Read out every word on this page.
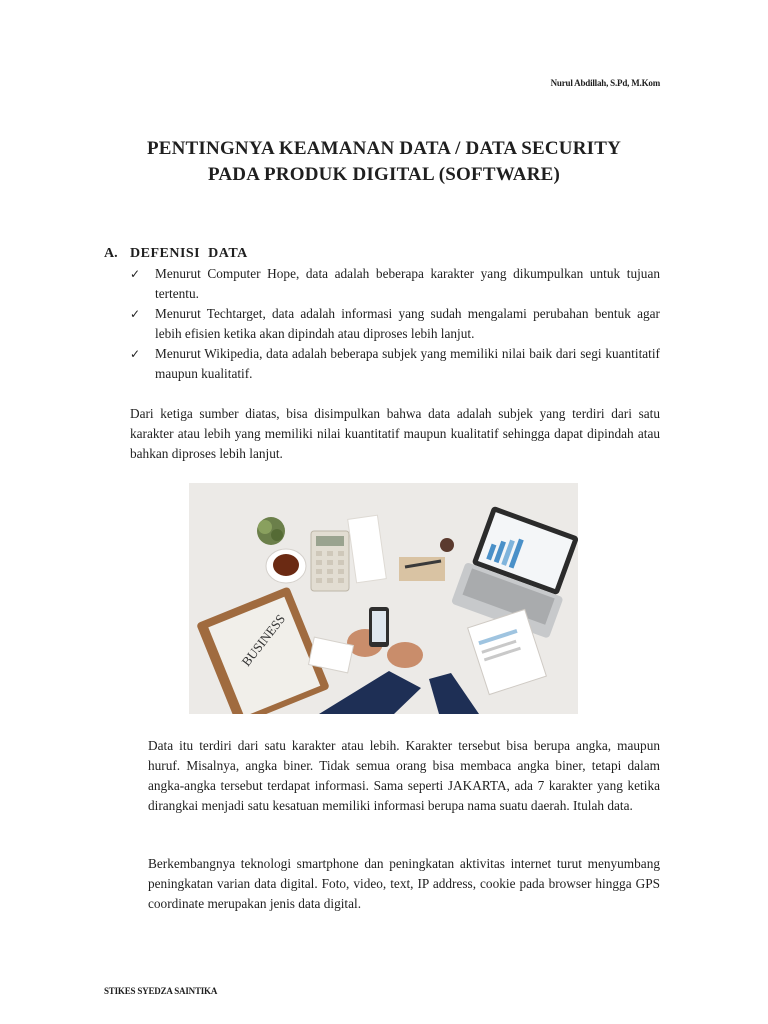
Nurul Abdillah, S.Pd, M.Kom
PENTINGNYA KEAMANAN DATA / DATA SECURITY
PADA PRODUK DIGITAL (SOFTWARE)
A. DEFENISI  DATA
✓ Menurut Computer Hope, data adalah beberapa karakter yang dikumpulkan untuk tujuan tertentu.
✓ Menurut Techtarget, data adalah informasi yang sudah mengalami perubahan bentuk agar lebih efisien ketika akan dipindah atau diproses lebih lanjut.
✓ Menurut Wikipedia, data adalah beberapa subjek yang memiliki nilai baik dari segi kuantitatif maupun kualitatif.
Dari ketiga sumber diatas, bisa disimpulkan bahwa data adalah subjek yang terdiri dari satu karakter atau lebih yang memiliki nilai kuantitatif maupun kualitatif sehingga dapat dipindah atau bahkan diproses lebih lanjut.
BUSINESS
Data itu terdiri dari satu karakter atau lebih. Karakter tersebut bisa berupa angka, maupun huruf. Misalnya, angka biner. Tidak semua orang bisa membaca angka biner, tetapi dalam angka-angka tersebut terdapat informasi. Sama seperti JAKARTA, ada 7 karakter yang ketika dirangkai menjadi satu kesatuan memiliki informasi berupa nama suatu daerah. Itulah data.
Berkembangnya teknologi smartphone dan peningkatan aktivitas internet turut menyumbang peningkatan varian data digital. Foto, video, text, IP address, cookie pada browser hingga GPS coordinate merupakan jenis data digital.
STIKES SYEDZA SAINTIKA
